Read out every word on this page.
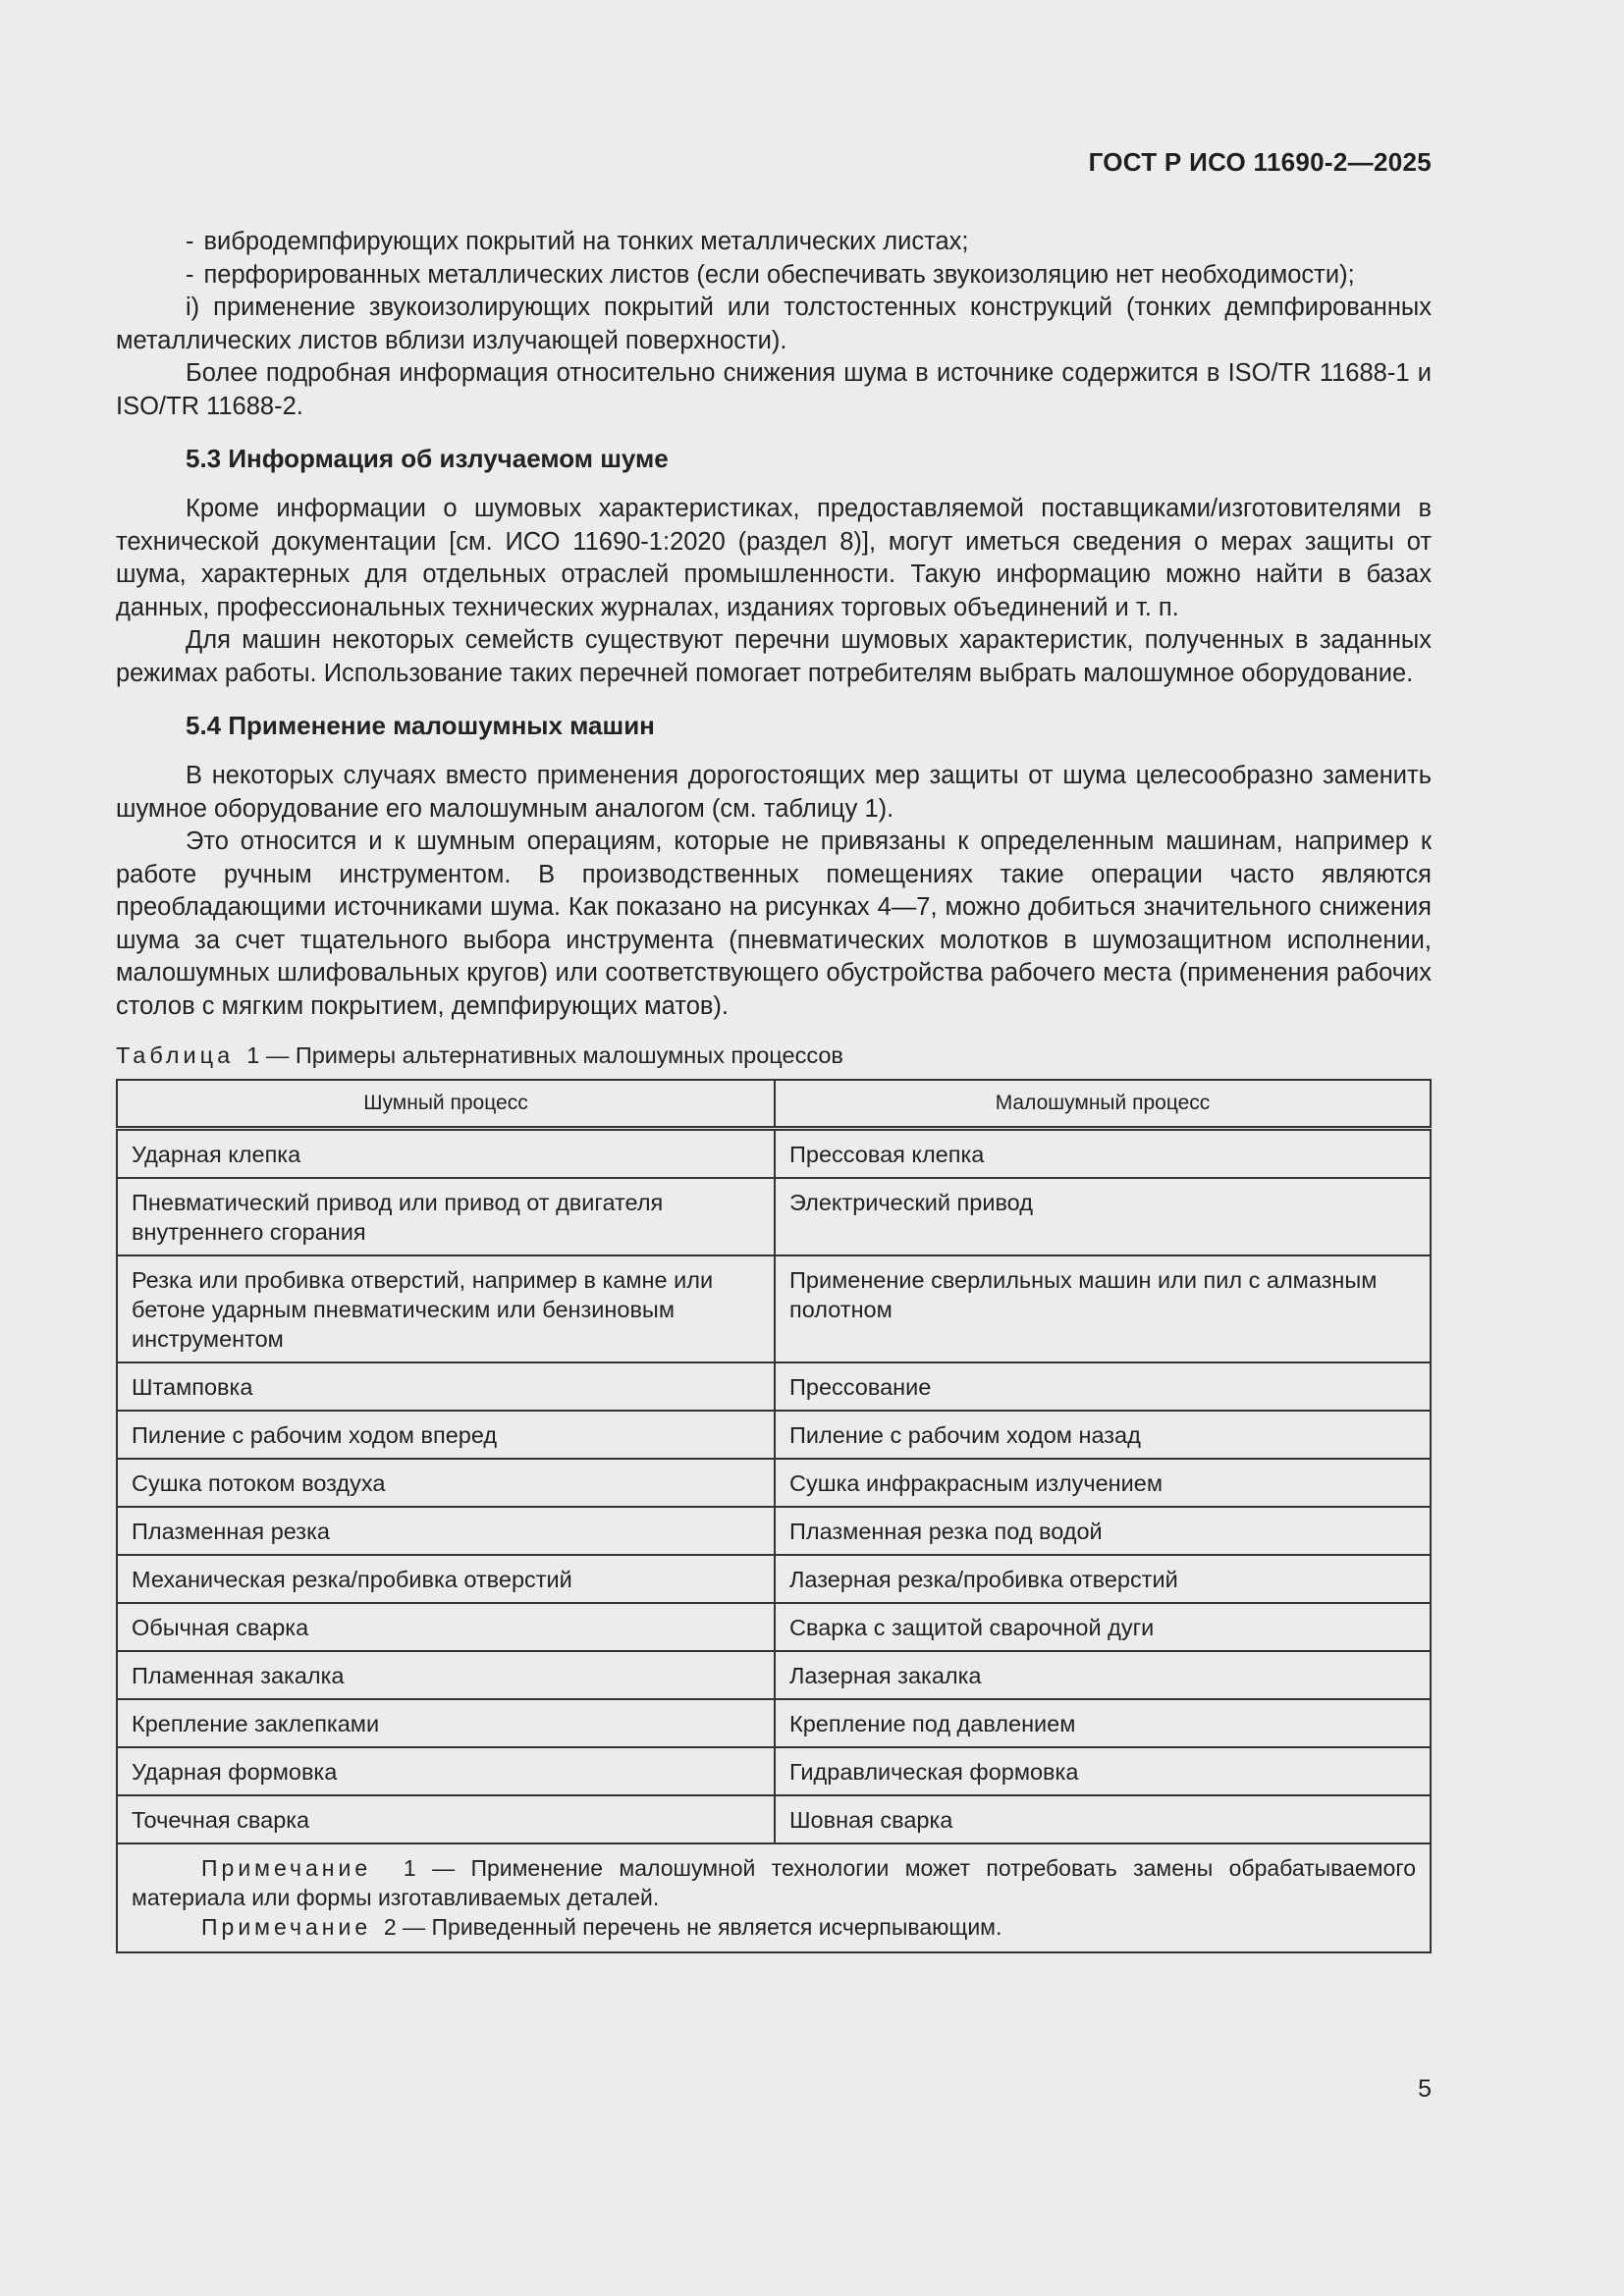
ГОСТ Р ИСО 11690-2—2025

- вибродемпфирующих покрытий на тонких металлических листах;

- перфорированных металлических листов (если обеспечивать звукоизоляцию нет необходимости);

i) применение звукоизолирующих покрытий или толстостенных конструкций (тонких демпфированных металлических листов вблизи излучающей поверхности).

Более подробная информация относительно снижения шума в источнике содержится в ISO/TR 11688-1 и ISO/TR 11688-2.

5.3 Информация об излучаемом шуме

Кроме информации о шумовых характеристиках, предоставляемой поставщиками/изготовителями в технической документации [см. ИСО 11690-1:2020 (раздел 8)], могут иметься сведения о мерах защиты от шума, характерных для отдельных отраслей промышленности. Такую информацию можно найти в базах данных, профессиональных технических журналах, изданиях торговых объединений и т. п.

Для машин некоторых семейств существуют перечни шумовых характеристик, полученных в заданных режимах работы. Использование таких перечней помогает потребителям выбрать малошумное оборудование.

5.4 Применение малошумных машин

В некоторых случаях вместо применения дорогостоящих мер защиты от шума целесообразно заменить шумное оборудование его малошумным аналогом (см. таблицу 1).

Это относится и к шумным операциям, которые не привязаны к определенным машинам, например к работе ручным инструментом. В производственных помещениях такие операции часто являются преобладающими источниками шума. Как показано на рисунках 4—7, можно добиться значительного снижения шума за счет тщательного выбора инструмента (пневматических молотков в шумозащитном исполнении, малошумных шлифовальных кругов) или соответствующего обустройства рабочего места (применения рабочих столов с мягким покрытием, демпфирующих матов).

Таблица 1 — Примеры альтернативных малошумных процессов
Шумный процесс	Малошумный процесс
Ударная клепка	Прессовая клепка
Пневматический привод или привод от двигателя внутреннего сгорания	Электрический привод
Резка или пробивка отверстий, например в камне или бетоне ударным пневматическим или бензиновым инструментом	Применение сверлильных машин или пил с алмазным полотном
Штамповка	Прессование
Пиление с рабочим ходом вперед	Пиление с рабочим ходом назад
Сушка потоком воздуха	Сушка инфракрасным излучением
Плазменная резка	Плазменная резка под водой
Механическая резка/пробивка отверстий	Лазерная резка/пробивка отверстий
Обычная сварка	Сварка с защитой сварочной дуги
Пламенная закалка	Лазерная закалка
Крепление заклепками	Крепление под давлением
Ударная формовка	Гидравлическая формовка
Точечная сварка	Шовная сварка

Примечание 1 — Применение малошумной технологии может потребовать замены обрабатываемого материала или формы изготавливаемых деталей.
Примечание 2 — Приведенный перечень не является исчерпывающим.	
5
